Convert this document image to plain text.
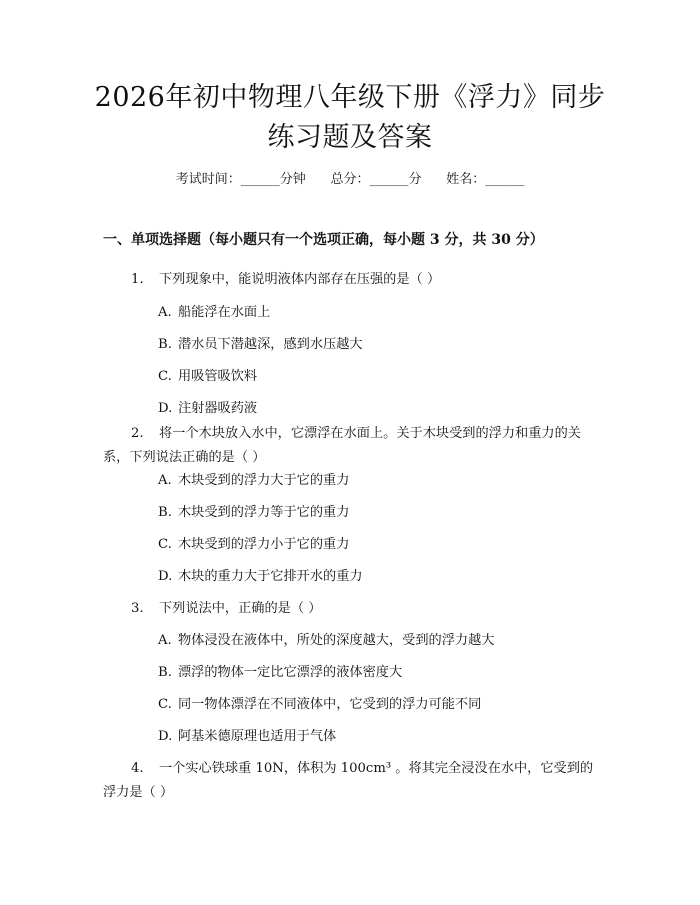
2026年初中物理八年级下册《浮力》同步练习题及答案
考试时间：______分钟      总分：______分      姓名：______
一、单项选择题（每小题只有一个选项正确，每小题 3 分，共 30 分）
1. 下列现象中，能说明液体内部存在压强的是（ ）
A. 船能浮在水面上
B. 潜水员下潜越深，感到水压越大
C. 用吸管吸饮料
D. 注射器吸药液
2. 将一个木块放入水中，它漂浮在水面上。关于木块受到的浮力和重力的关系，下列说法正确的是（ ）
A. 木块受到的浮力大于它的重力
B. 木块受到的浮力等于它的重力
C. 木块受到的浮力小于它的重力
D. 木块的重力大于它排开水的重力
3. 下列说法中，正确的是（ ）
A. 物体浸没在液体中，所处的深度越大，受到的浮力越大
B. 漂浮的物体一定比它漂浮的液体密度大
C. 同一物体漂浮在不同液体中，它受到的浮力可能不同
D. 阿基米德原理也适用于气体
4. 一个实心铁球重 10N，体积为 100cm³ 。将其完全浸没在水中，它受到的浮力是（ ）
